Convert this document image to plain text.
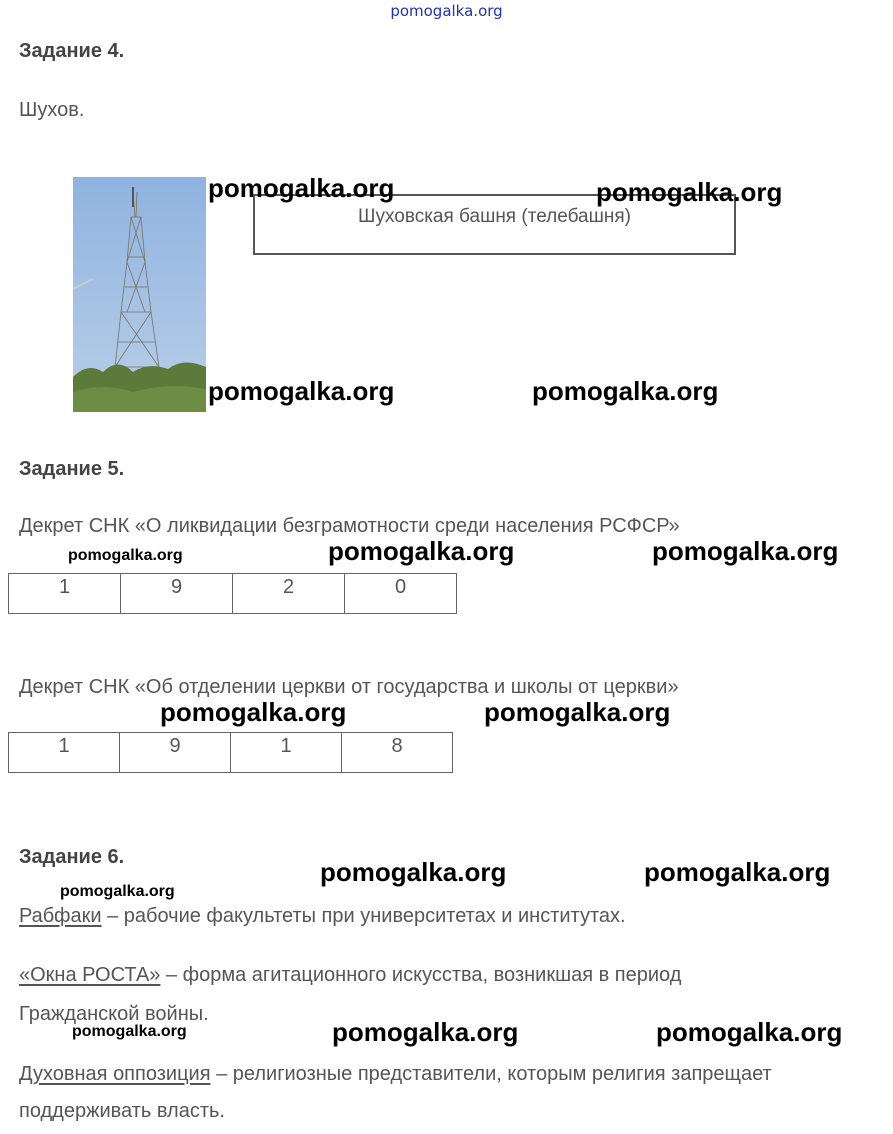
pomogalka.org
Задание 4.
Шухов.
Шуховская башня (телебашня)
Задание 5.
Декрет СНК «О ликвидации безграмотности среди населения РСФСР»
1	9	2	0
Декрет СНК «Об отделении церкви от государства и школы от церкви»
1	9	1	8
Задание 6.
Рабфаки – рабочие факультеты при университетах и институтах.
«Окна РОСТА» – форма агитационного искусства, возникшая в период
Гражданской войны.
Духовная оппозиция – религиозные представители, которым религия запрещает
поддерживать власть.
pomogalka.org	pomogalka.org
pomogalka.org	pomogalka.org
pomogalka.org	pomogalka.org	pomogalka.org
pomogalka.org	pomogalka.org
pomogalka.org	pomogalka.org
pomogalka.org
pomogalka.org	pomogalka.org	pomogalka.org
